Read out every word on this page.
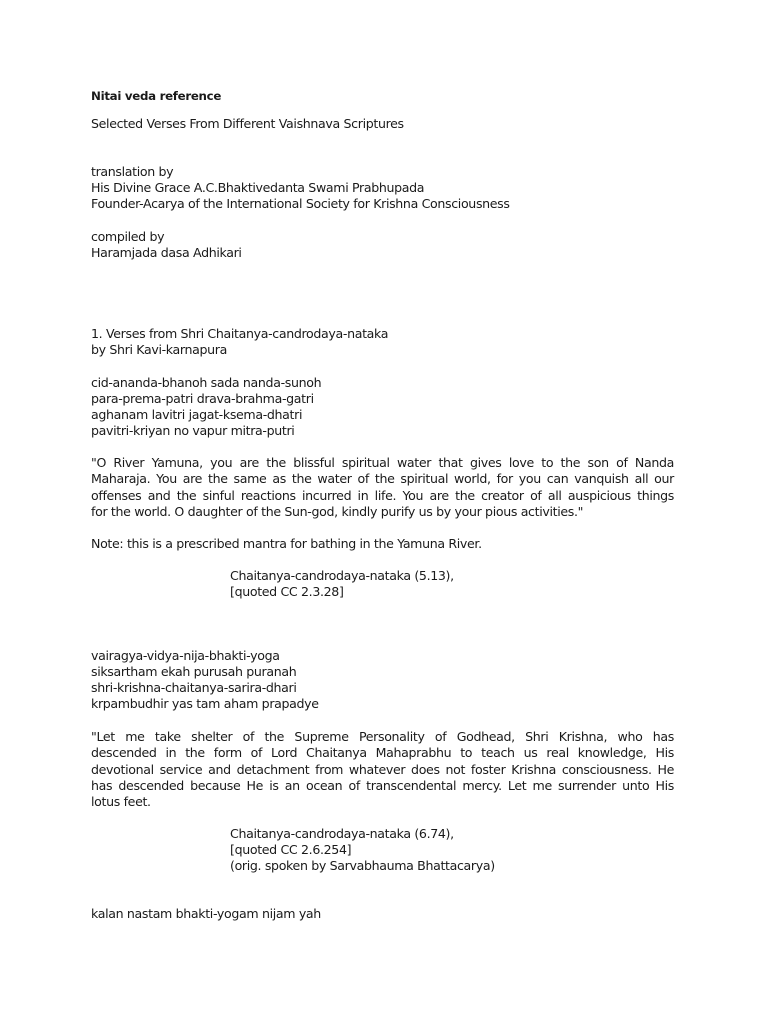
Nitai veda reference
Selected Verses From Different Vaishnava Scriptures
translation by
His Divine Grace A.C.Bhaktivedanta Swami Prabhupada
Founder-Acarya of the International Society for Krishna Consciousness
compiled by
Haramjada dasa Adhikari
1. Verses from Shri Chaitanya-candrodaya-nataka
by Shri Kavi-karnapura
cid-ananda-bhanoh sada nanda-sunoh
para-prema-patri drava-brahma-gatri
aghanam lavitri jagat-ksema-dhatri
pavitri-kriyan no vapur mitra-putri
"O River Yamuna, you are the blissful spiritual water that gives love to the son of Nanda
Maharaja. You are the same as the water of the spiritual world, for you can vanquish all our
offenses and the sinful reactions incurred in life. You are the creator of all auspicious things
for the world. O daughter of the Sun-god, kindly purify us by your pious activities."
Note: this is a prescribed mantra for bathing in the Yamuna River.
Chaitanya-candrodaya-nataka (5.13),
[quoted CC 2.3.28]
vairagya-vidya-nija-bhakti-yoga
siksartham ekah purusah puranah
shri-krishna-chaitanya-sarira-dhari
krpambudhir yas tam aham prapadye
"Let me take shelter of the Supreme Personality of Godhead, Shri Krishna, who has
descended in the form of Lord Chaitanya Mahaprabhu to teach us real knowledge, His
devotional service and detachment from whatever does not foster Krishna consciousness. He
has descended because He is an ocean of transcendental mercy. Let me surrender unto His
lotus feet.
Chaitanya-candrodaya-nataka (6.74),
[quoted CC 2.6.254]
(orig. spoken by Sarvabhauma Bhattacarya)
kalan nastam bhakti-yogam nijam yah
